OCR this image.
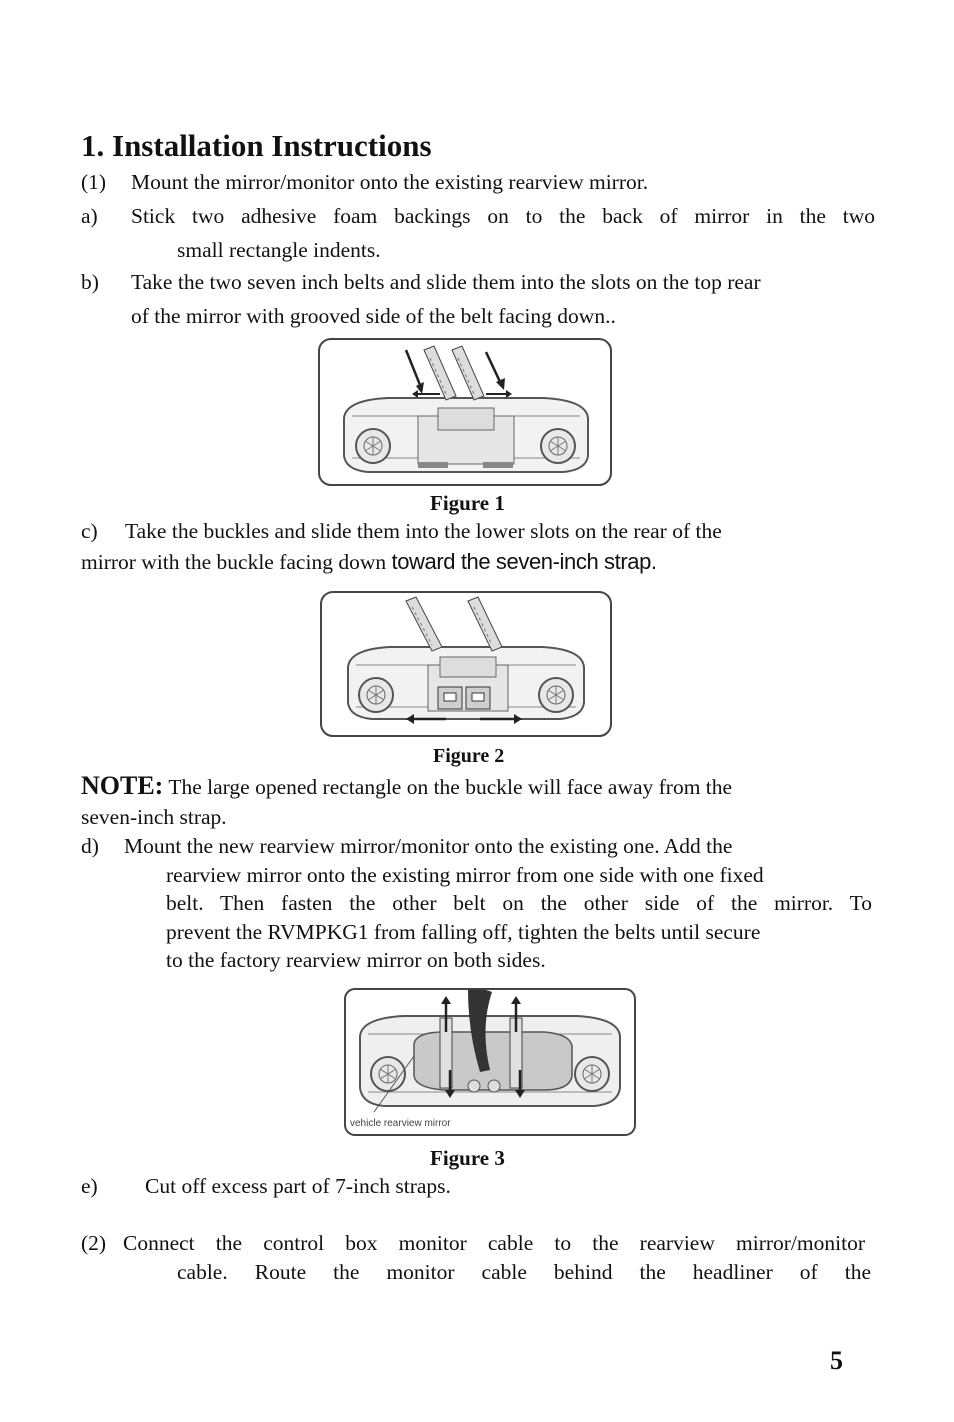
1. Installation Instructions
(1) Mount the mirror/monitor onto the existing rearview mirror.
a) Stick two adhesive foam backings on to the back of mirror in the two
small rectangle indents.
b) Take the two seven inch belts and slide them into the slots on the top rear
of the mirror with grooved side of the belt facing down..
Figure 1
c) Take the buckles and slide them into the lower slots on the rear of the
mirror with the buckle facing down toward the seven-inch strap.
Figure 2
NOTE: The large opened rectangle on the buckle will face away from the
seven-inch strap.
d) Mount the new rearview mirror/monitor onto the existing one. Add the
rearview mirror onto the existing mirror from one side with one fixed
belt. Then fasten the other belt on the other side of the mirror. To
prevent the RVMPKG1 from falling off, tighten the belts until secure
to the factory rearview mirror on both sides.
vehicle rearview mirror
Figure 3
e) Cut off excess part of 7-inch straps.
(2) Connect the control box monitor cable to the rearview mirror/monitor
cable. Route the monitor cable behind the headliner of the
5
